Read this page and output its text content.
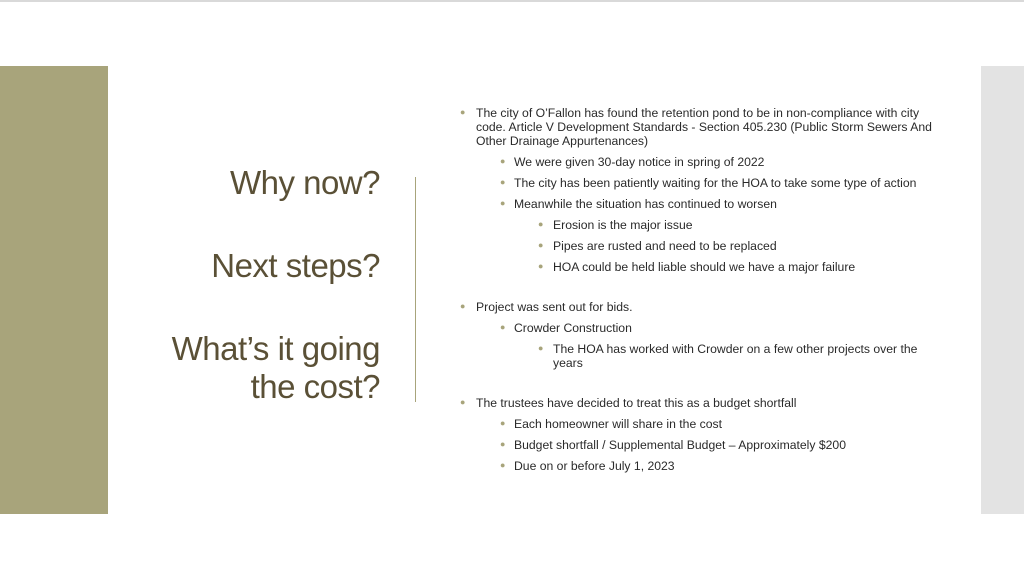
Why now?
Next steps?
What’s it going the cost?

● The city of O’Fallon has found the retention pond to be in non-compliance with city code. Article V Development Standards - Section 405.230 (Public Storm Sewers And Other Drainage Appurtenances)

● We were given 30-day notice in spring of 2022

● The city has been patiently waiting for the HOA to take some type of action

● Meanwhile the situation has continued to worsen

● Erosion is the major issue

● Pipes are rusted and need to be replaced

● HOA could be held liable should we have a major failure

● Project was sent out for bids.

● Crowder Construction

● The HOA has worked with Crowder on a few other projects over the years

● The trustees have decided to treat this as a budget shortfall

● Each homeowner will share in the cost

● Budget shortfall / Supplemental Budget – Approximately $200

● Due on or before July 1, 2023
